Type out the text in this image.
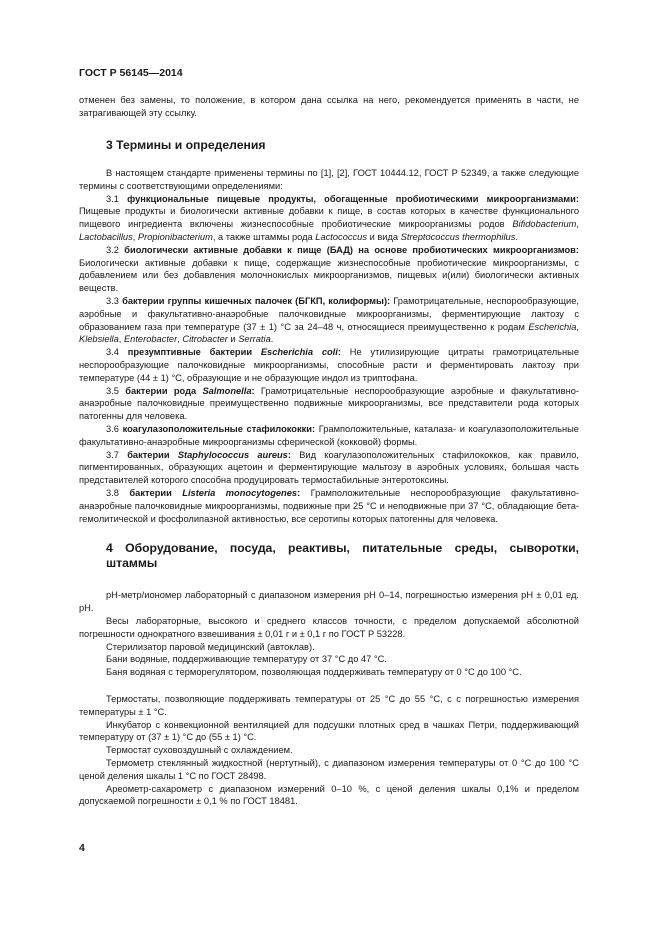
ГОСТ Р 56145—2014

отменен без замены, то положение, в котором дана ссылка на него, рекомендуется применять в части, не затрагивающей эту ссылку.

3 Термины и определения

В настоящем стандарте применены термины по [1], [2], ГОСТ 10444.12, ГОСТ Р 52349, а также следующие термины с соответствующими определениями:

3.1 функциональные пищевые продукты, обогащенные пробиотическими микроорганизмами: Пищевые продукты и биологически активные добавки к пище, в состав которых в качестве функционального пищевого ингредиента включены жизнеспособные пробиотические микроорганизмы родов Bifidobacterium, Lactobacillus, Propionibacterium, а также штаммы рода Lactococcus и вида Streptococcus thermophilus.

3.2 биологически активные добавки к пище (БАД) на основе пробиотических микроорганизмов: Биологически активные добавки к пище, содержащие жизнеспособные пробиотические микроорганизмы, с добавлением или без добавления молочнокислых микроорганизмов, пищевых и(или) биологически активных веществ.

3.3 бактерии группы кишечных палочек (БГКП, колиформы): Грамотрицательные, неспорообразующие, аэробные и факультативно-анаэробные палочковидные микроорганизмы, ферментирующие лактозу с образованием газа при температуре (37 ± 1) °С за 24–48 ч, относящиеся преимущественно к родам Escherichia, Klebsiella, Enterobacter, Citrobacter и Serratia.

3.4 презумптивные бактерии Escherichia coli: Не утилизирующие цитраты грамотрицательные неспорообразующие палочковидные микроорганизмы, способные расти и ферментировать лактозу при температуре (44 ± 1) °С, образующие и не образующие индол из триптофана.

3.5 бактерии рода Salmonella: Грамотрицательные неспорообразующие аэробные и факультативно-анаэробные палочковидные преимущественно подвижные микроорганизмы, все представители рода которых патогенны для человека.

3.6 коагулазоположительные стафилококки: Грамположительные, каталаза- и коагулазоположительные факультативно-анаэробные микроорганизмы сферической (кокковой) формы.

3.7 бактерии Staphylococcus aureus: Вид коагулазоположительных стафилококков, как правило, пигментированных, образующих ацетоин и ферментирующие мальтозу в аэробных условиях, большая часть представителей которого способна продуцировать термостабильные энтеротоксины.

3.8 бактерии Listeria monocytogenes: Грамположительные неспорообразующие факультативно-анаэробные палочковидные микроорганизмы, подвижные при 25 °С и неподвижные при 37 °С, обладающие бета-гемолитической и фосфолипазной активностью, все серотипы которых патогенны для человека.

4 Оборудование, посуда, реактивы, питательные среды, сыворотки, штаммы

pH-метр/иономер лабораторный с диапазоном измерения pH 0–14, погрешностью измерения pH ± 0,01 ед. pH.

Весы лабораторные, высокого и среднего классов точности, с пределом допускаемой абсолютной погрешности однократного взвешивания ± 0,01 г и ± 0,1 г по ГОСТ Р 53228.

Стерилизатор паровой медицинский (автоклав).

Бани водяные, поддерживающие температуру от 37 °С до 47 °С.

Баня водяная с терморегулятором, позволяющая поддерживать температуру от 0 °С до 100 °С.

Термостаты, позволяющие поддерживать температуры от 25 °С до 55 °С, с с погрешностью измерения температуры ± 1 °С.

Инкубатор с конвекционной вентиляцией для подсушки плотных сред в чашках Петри, поддерживающий температуру от (37 ± 1) °С до (55 ± 1) °С.

Термостат суховоздушный с охлаждением.

Термометр стеклянный жидкостной (нертутный), с диапазоном измерения температуры от 0 °С до 100 °С ценой деления шкалы 1 °С по ГОСТ 28498.

Ареометр-сахарометр с диапазоном измерений 0–10 %, с ценой деления шкалы 0,1% и пределом допускаемой погрешности ± 0,1 % по ГОСТ 18481.

4
